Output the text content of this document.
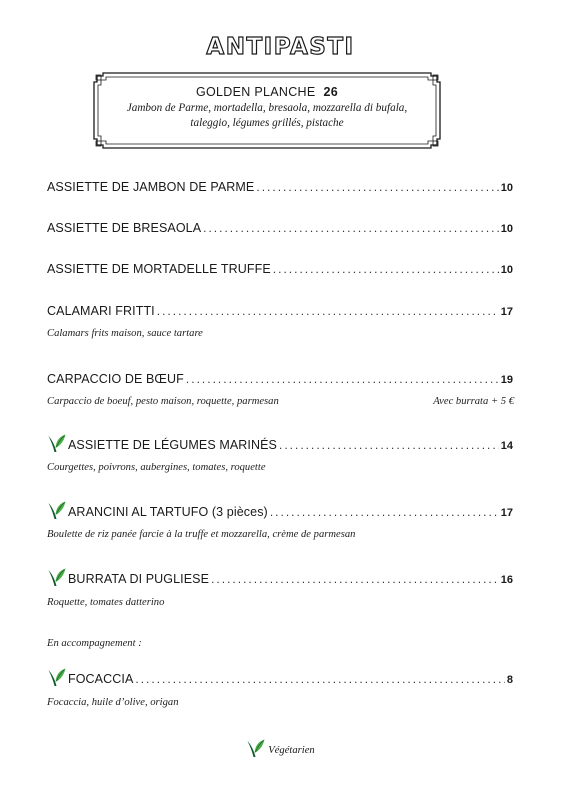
ANTIPASTI
GOLDEN PLANCHE 26
Jambon de Parme, mortadella, bresaola, mozzarella di bufala,
taleggio, légumes grillés, pistache
ASSIETTE DE JAMBON DE PARME .....	10
ASSIETTE DE BRESAOLA .....	10
ASSIETTE DE MORTADELLE TRUFFE .....	10
CALAMARI FRITTI .....	17
Calamars frits maison, sauce tartare
CARPACCIO DE BŒUF .....	19
Carpaccio de boeuf, pesto maison, roquette, parmesan	Avec burrata + 5 €
ASSIETTE DE LÉGUMES MARINÉS .....	14
Courgettes, poivrons, aubergines, tomates, roquette
ARANCINI AL TARTUFO (3 pièces) .....	17
Boulette de riz panée farcie à la truffe et mozzarella, crème de parmesan
BURRATA DI PUGLIESE .....	16
Roquette, tomates datterino
En accompagnement :
FOCACCIA .....	8
Focaccia, huile d’olive, origan
Végétarien
